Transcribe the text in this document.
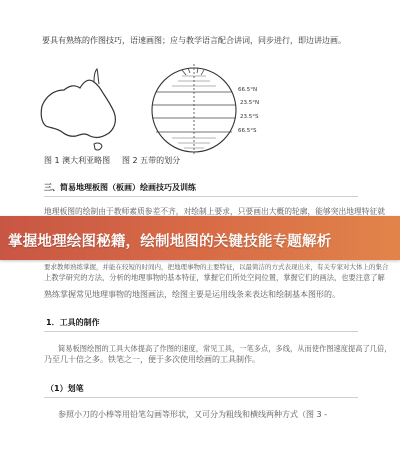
要具有熟练的作图技巧，语速画图；应与教学语言配合讲词，同步进行，即边讲边画。
66.5°N
23.5°N
23.5°S
66.5°S
图 1 澳大利亚略图 图 2 五带的划分
三、简易地理板图（板画）绘画技巧及训练
地理板图的绘制由于教师素质参差不齐，对绘制上要求，只要画出大概的轮廓，能够突出地理特征就
掌握地理绘图秘籍，绘制地图的关键技能专题解析
要求教师熟练掌握，并能在较短的时间内，把地理事物的主要特征，以最简洁的方式表现出来，有关专家对大体上的集合
上教学研究的方法，分析的地理事物的基本特征，掌握它们所处空间位置，掌握它们的画法，也要注意了解
熟练掌握常见地理事物的地图画法，绘图主要是运用线条来表达和绘制基本图形的。
1．工具的制作
简易板图绘图的工具大体提高了作图的速度，常见工具，一笔多点，多线，从而使作图速度提高了几倍，
乃至几十倍之多。铁笔之一，便于多次使用绘画的工具制作。
（1）划笔
参照小刀的小棒等用铅笔勾画等形状，又可分为粗线和横线两种方式（图 3 -
